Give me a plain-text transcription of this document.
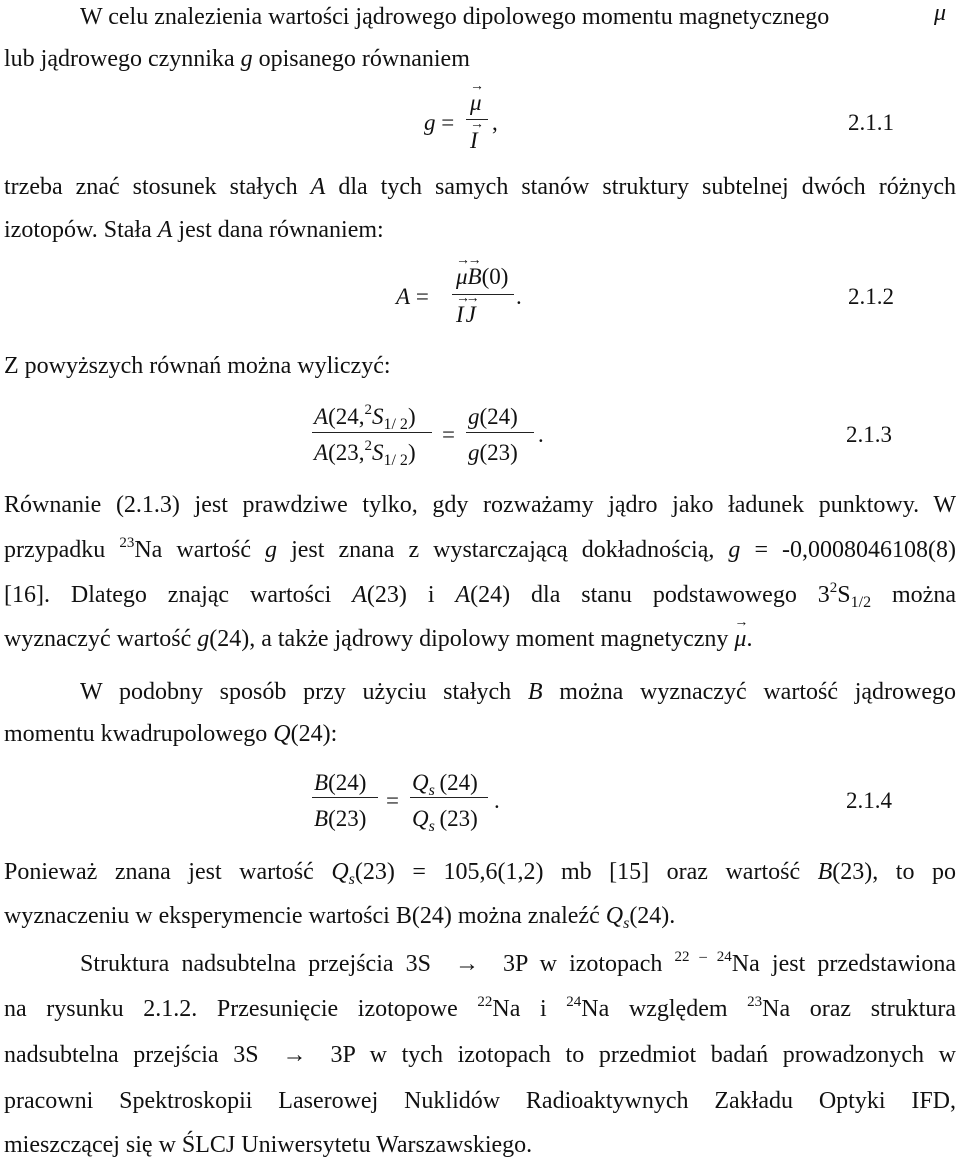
W celu znalezienia wartości jądrowego dipolowego momentu magnetycznego	μ →
lub jądrowego czynnika g opisanego równaniem
g =
μ →
I →
,	2.1.1
trzeba znać stosunek stałych A dla tych samych stanów struktury subtelnej dwóch różnych
izotopów. Stała A jest dana równaniem:
A =
μ →B →(0)
I → J →
.	2.1.2
Z powyższych równań można wyliczyć:
$A(24,^2S_{1/ 2})$
$A(23,^2S_{1/ 2})$
=
g(24)
g(23)
.	2.1.3
Równanie (2.1.3) jest prawdziwe tylko, gdy rozważamy jądro jako ładunek punktowy. W
przypadku $^{23}$Na wartość g jest znana z wystarczającą dokładnością, g = -0,0008046108(8)
[16]. Dlatego znając wartości A(23) i A(24) dla stanu podstawowego $3^2S_{1/2}$ można
wyznaczyć wartość g(24), a także jądrowy dipolowy moment magnetyczny μ →.
W podobny sposób przy użyciu stałych B można wyznaczyć wartość jądrowego
momentu kwadrupolowego Q(24):
B(24)
B(23)
=
$Q_s$  (24)
$Q_s$  (23)
.	2.1.4
Ponieważ znana jest wartość $Q_s(23) = 105,6(1,2)$ mb [15] oraz wartość B(23), to po
wyznaczeniu w eksperymencie wartości B(24) można znaleźć $Q_s(24)$.
Struktura nadsubtelna przejścia 3S  →  3P w izotopach $^{22 - 24}$Na jest przedstawiona
na rysunku 2.1.2. Przesunięcie izotopowe $^{22}$Na i $^{24}$Na względem $^{23}$Na oraz struktura
nadsubtelna przejścia 3S  →  3P w tych izotopach to przedmiot badań prowadzonych w
pracowni Spektroskopii Laserowej Nuklidów Radioaktywnych Zakładu Optyki IFD,
mieszczącej się w ŚLCJ Uniwersytetu Warszawskiego.
